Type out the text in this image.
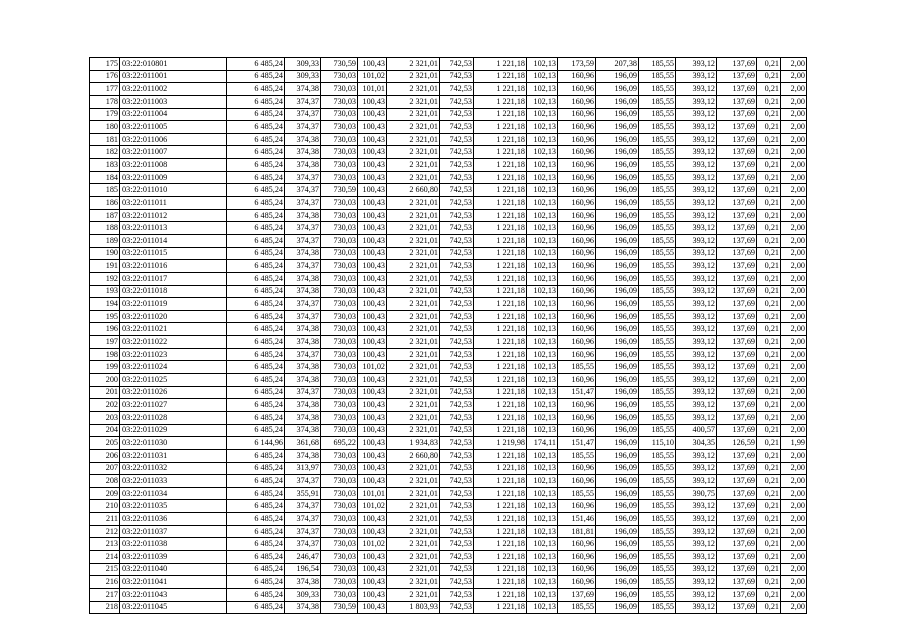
175	03:22:010801	6 485,24	309,33	730,59	100,43	2 321,01	742,53	1 221,18	102,13	173,59	207,38	185,55	393,12	137,69	0,21	2,00
176	03:22:011001	6 485,24	309,33	730,03	101,02	2 321,01	742,53	1 221,18	102,13	160,96	196,09	185,55	393,12	137,69	0,21	2,00
177	03:22:011002	6 485,24	374,38	730,03	101,01	2 321,01	742,53	1 221,18	102,13	160,96	196,09	185,55	393,12	137,69	0,21	2,00
178	03:22:011003	6 485,24	374,37	730,03	100,43	2 321,01	742,53	1 221,18	102,13	160,96	196,09	185,55	393,12	137,69	0,21	2,00
179	03:22:011004	6 485,24	374,37	730,03	100,43	2 321,01	742,53	1 221,18	102,13	160,96	196,09	185,55	393,12	137,69	0,21	2,00
180	03:22:011005	6 485,24	374,37	730,03	100,43	2 321,01	742,53	1 221,18	102,13	160,96	196,09	185,55	393,12	137,69	0,21	2,00
181	03:22:011006	6 485,24	374,38	730,03	100,43	2 321,01	742,53	1 221,18	102,13	160,96	196,09	185,55	393,12	137,69	0,21	2,00
182	03:22:011007	6 485,24	374,38	730,03	100,43	2 321,01	742,53	1 221,18	102,13	160,96	196,09	185,55	393,12	137,69	0,21	2,00
183	03:22:011008	6 485,24	374,38	730,03	100,43	2 321,01	742,53	1 221,18	102,13	160,96	196,09	185,55	393,12	137,69	0,21	2,00
184	03:22:011009	6 485,24	374,37	730,03	100,43	2 321,01	742,53	1 221,18	102,13	160,96	196,09	185,55	393,12	137,69	0,21	2,00
185	03:22:011010	6 485,24	374,37	730,59	100,43	2 660,80	742,53	1 221,18	102,13	160,96	196,09	185,55	393,12	137,69	0,21	2,00
186	03:22:011011	6 485,24	374,37	730,03	100,43	2 321,01	742,53	1 221,18	102,13	160,96	196,09	185,55	393,12	137,69	0,21	2,00
187	03:22:011012	6 485,24	374,38	730,03	100,43	2 321,01	742,53	1 221,18	102,13	160,96	196,09	185,55	393,12	137,69	0,21	2,00
188	03:22:011013	6 485,24	374,37	730,03	100,43	2 321,01	742,53	1 221,18	102,13	160,96	196,09	185,55	393,12	137,69	0,21	2,00
189	03:22:011014	6 485,24	374,37	730,03	100,43	2 321,01	742,53	1 221,18	102,13	160,96	196,09	185,55	393,12	137,69	0,21	2,00
190	03:22:011015	6 485,24	374,38	730,03	100,43	2 321,01	742,53	1 221,18	102,13	160,96	196,09	185,55	393,12	137,69	0,21	2,00
191	03:22:011016	6 485,24	374,37	730,03	100,43	2 321,01	742,53	1 221,18	102,13	160,96	196,09	185,55	393,12	137,69	0,21	2,00
192	03:22:011017	6 485,24	374,38	730,03	100,43	2 321,01	742,53	1 221,18	102,13	160,96	196,09	185,55	393,12	137,69	0,21	2,00
193	03:22:011018	6 485,24	374,38	730,03	100,43	2 321,01	742,53	1 221,18	102,13	160,96	196,09	185,55	393,12	137,69	0,21	2,00
194	03:22:011019	6 485,24	374,37	730,03	100,43	2 321,01	742,53	1 221,18	102,13	160,96	196,09	185,55	393,12	137,69	0,21	2,00
195	03:22:011020	6 485,24	374,37	730,03	100,43	2 321,01	742,53	1 221,18	102,13	160,96	196,09	185,55	393,12	137,69	0,21	2,00
196	03:22:011021	6 485,24	374,38	730,03	100,43	2 321,01	742,53	1 221,18	102,13	160,96	196,09	185,55	393,12	137,69	0,21	2,00
197	03:22:011022	6 485,24	374,38	730,03	100,43	2 321,01	742,53	1 221,18	102,13	160,96	196,09	185,55	393,12	137,69	0,21	2,00
198	03:22:011023	6 485,24	374,37	730,03	100,43	2 321,01	742,53	1 221,18	102,13	160,96	196,09	185,55	393,12	137,69	0,21	2,00
199	03:22:011024	6 485,24	374,38	730,03	101,02	2 321,01	742,53	1 221,18	102,13	185,55	196,09	185,55	393,12	137,69	0,21	2,00
200	03:22:011025	6 485,24	374,38	730,03	100,43	2 321,01	742,53	1 221,18	102,13	160,96	196,09	185,55	393,12	137,69	0,21	2,00
201	03:22:011026	6 485,24	374,37	730,03	100,43	2 321,01	742,53	1 221,18	102,13	151,47	196,09	185,55	393,12	137,69	0,21	2,00
202	03:22:011027	6 485,24	374,38	730,03	100,43	2 321,01	742,53	1 221,18	102,13	160,96	196,09	185,55	393,12	137,69	0,21	2,00
203	03:22:011028	6 485,24	374,38	730,03	100,43	2 321,01	742,53	1 221,18	102,13	160,96	196,09	185,55	393,12	137,69	0,21	2,00
204	03:22:011029	6 485,24	374,38	730,03	100,43	2 321,01	742,53	1 221,18	102,13	160,96	196,09	185,55	400,57	137,69	0,21	2,00
205	03:22:011030	6 144,96	361,68	695,22	100,43	1 934,83	742,53	1 219,98	174,11	151,47	196,09	115,10	304,35	126,59	0,21	1,99
206	03:22:011031	6 485,24	374,38	730,03	100,43	2 660,80	742,53	1 221,18	102,13	185,55	196,09	185,55	393,12	137,69	0,21	2,00
207	03:22:011032	6 485,24	313,97	730,03	100,43	2 321,01	742,53	1 221,18	102,13	160,96	196,09	185,55	393,12	137,69	0,21	2,00
208	03:22:011033	6 485,24	374,37	730,03	100,43	2 321,01	742,53	1 221,18	102,13	160,96	196,09	185,55	393,12	137,69	0,21	2,00
209	03:22:011034	6 485,24	355,91	730,03	101,01	2 321,01	742,53	1 221,18	102,13	185,55	196,09	185,55	390,75	137,69	0,21	2,00
210	03:22:011035	6 485,24	374,37	730,03	101,02	2 321,01	742,53	1 221,18	102,13	160,96	196,09	185,55	393,12	137,69	0,21	2,00
211	03:22:011036	6 485,24	374,37	730,03	100,43	2 321,01	742,53	1 221,18	102,13	151,46	196,09	185,55	393,12	137,69	0,21	2,00
212	03:22:011037	6 485,24	374,37	730,03	100,43	2 321,01	742,53	1 221,18	102,13	181,81	196,09	185,55	393,12	137,69	0,21	2,00
213	03:22:011038	6 485,24	374,37	730,03	101,02	2 321,01	742,53	1 221,18	102,13	160,96	196,09	185,55	393,12	137,69	0,21	2,00
214	03:22:011039	6 485,24	246,47	730,03	100,43	2 321,01	742,53	1 221,18	102,13	160,96	196,09	185,55	393,12	137,69	0,21	2,00
215	03:22:011040	6 485,24	196,54	730,03	100,43	2 321,01	742,53	1 221,18	102,13	160,96	196,09	185,55	393,12	137,69	0,21	2,00
216	03:22:011041	6 485,24	374,38	730,03	100,43	2 321,01	742,53	1 221,18	102,13	160,96	196,09	185,55	393,12	137,69	0,21	2,00
217	03:22:011043	6 485,24	309,33	730,03	100,43	2 321,01	742,53	1 221,18	102,13	137,69	196,09	185,55	393,12	137,69	0,21	2,00
218	03:22:011045	6 485,24	374,38	730,59	100,43	1 803,93	742,53	1 221,18	102,13	185,55	196,09	185,55	393,12	137,69	0,21	2,00
